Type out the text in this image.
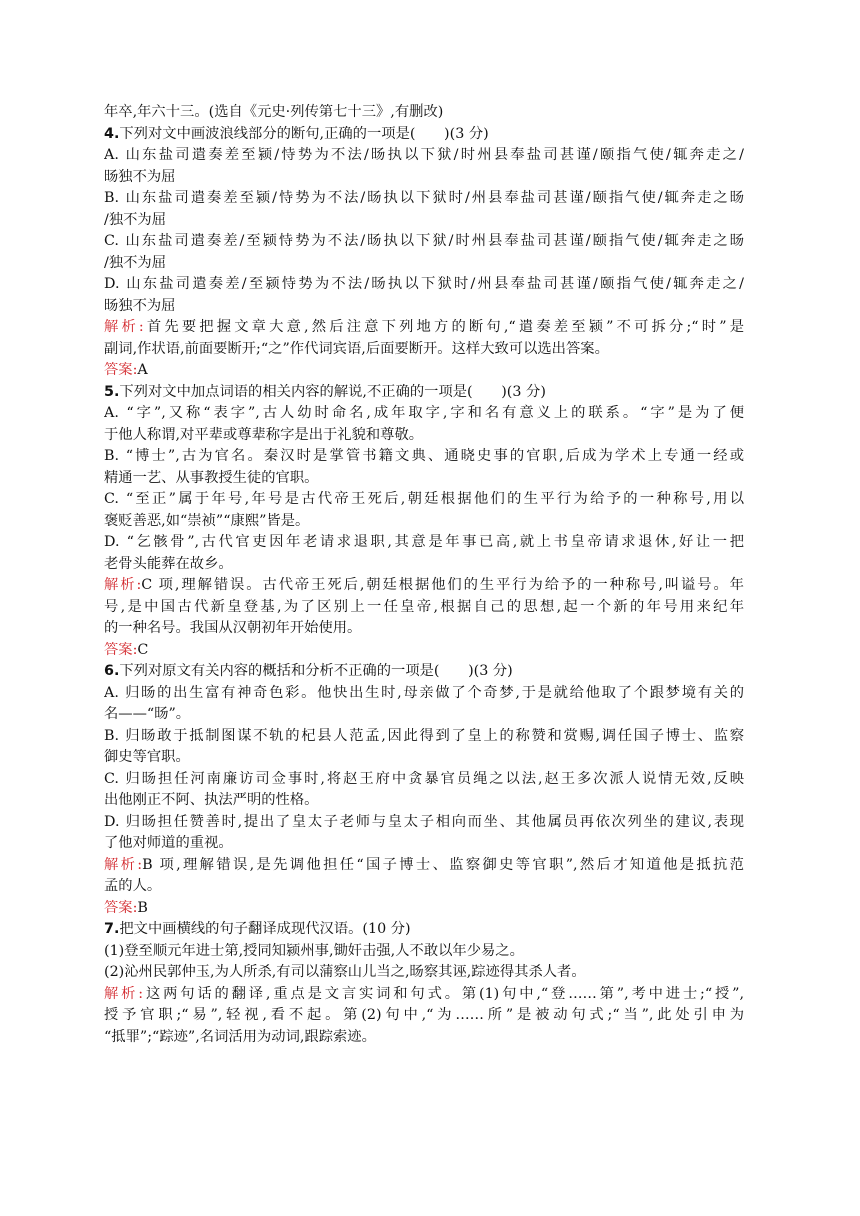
年卒,年六十三。(选自《元史·列传第七十三》,有删改)
4.下列对文中画波浪线部分的断句,正确的一项是(　　)(3 分)
A. 山东盐司遣奏差至颍/恃势为不法/旸执以下狱/时州县奉盐司甚谨/颐指气使/辄奔走之/
旸独不为屈
B. 山东盐司遣奏差至颍/恃势为不法/旸执以下狱时/州县奉盐司甚谨/颐指气使/辄奔走之旸
/独不为屈
C. 山东盐司遣奏差/至颍恃势为不法/旸执以下狱/时州县奉盐司甚谨/颐指气使/辄奔走之旸
/独不为屈
D. 山东盐司遣奏差/至颍恃势为不法/旸执以下狱时/州县奉盐司甚谨/颐指气使/辄奔走之/
旸独不为屈
解析:首先要把握文章大意,然后注意下列地方的断句,“遣奏差至颍”不可拆分;“时”是
副词,作状语,前面要断开;“之”作代词宾语,后面要断开。这样大致可以选出答案。
答案:A
5.下列对文中加点词语的相关内容的解说,不正确的一项是(　　)(3 分)
A. “字”,又称“表字”,古人幼时命名,成年取字,字和名有意义上的联系。“字”是为了便
于他人称谓,对平辈或尊辈称字是出于礼貌和尊敬。
B. “博士”,古为官名。秦汉时是掌管书籍文典、通晓史事的官职,后成为学术上专通一经或
精通一艺、从事教授生徒的官职。
C. “至正”属于年号,年号是古代帝王死后,朝廷根据他们的生平行为给予的一种称号,用以
褒贬善恶,如“崇祯”“康熙”皆是。
D. “乞骸骨”,古代官吏因年老请求退职,其意是年事已高,就上书皇帝请求退休,好让一把
老骨头能葬在故乡。
解析:C 项,理解错误。古代帝王死后,朝廷根据他们的生平行为给予的一种称号,叫谥号。年
号,是中国古代新皇登基,为了区别上一任皇帝,根据自己的思想,起一个新的年号用来纪年
的一种名号。我国从汉朝初年开始使用。
答案:C
6.下列对原文有关内容的概括和分析不正确的一项是(　　)(3 分)
A. 归旸的出生富有神奇色彩。他快出生时,母亲做了个奇梦,于是就给他取了个跟梦境有关的
名——“旸”。
B. 归旸敢于抵制图谋不轨的杞县人范孟,因此得到了皇上的称赞和赏赐,调任国子博士、监察
御史等官职。
C. 归旸担任河南廉访司佥事时,将赵王府中贪暴官员绳之以法,赵王多次派人说情无效,反映
出他刚正不阿、执法严明的性格。
D. 归旸担任赞善时,提出了皇太子老师与皇太子相向而坐、其他属员再依次列坐的建议,表现
了他对师道的重视。
解析:B 项,理解错误,是先调他担任“国子博士、监察御史等官职”,然后才知道他是抵抗范
孟的人。
答案:B
7.把文中画横线的句子翻译成现代汉语。(10 分)
(1)登至顺元年进士第,授同知颍州事,锄奸击强,人不敢以年少易之。
(2)沁州民郭仲玉,为人所杀,有司以蒲察山儿当之,旸察其诬,踪迹得其杀人者。
解析:这两句话的翻译,重点是文言实词和句式。第(1)句中,“登……第”,考中进士;“授”,
授予官职;“易”,轻视,看不起。第(2)句中,“为……所”是被动句式;“当”,此处引申为
“抵罪”;“踪迹”,名词活用为动词,跟踪索迹。
